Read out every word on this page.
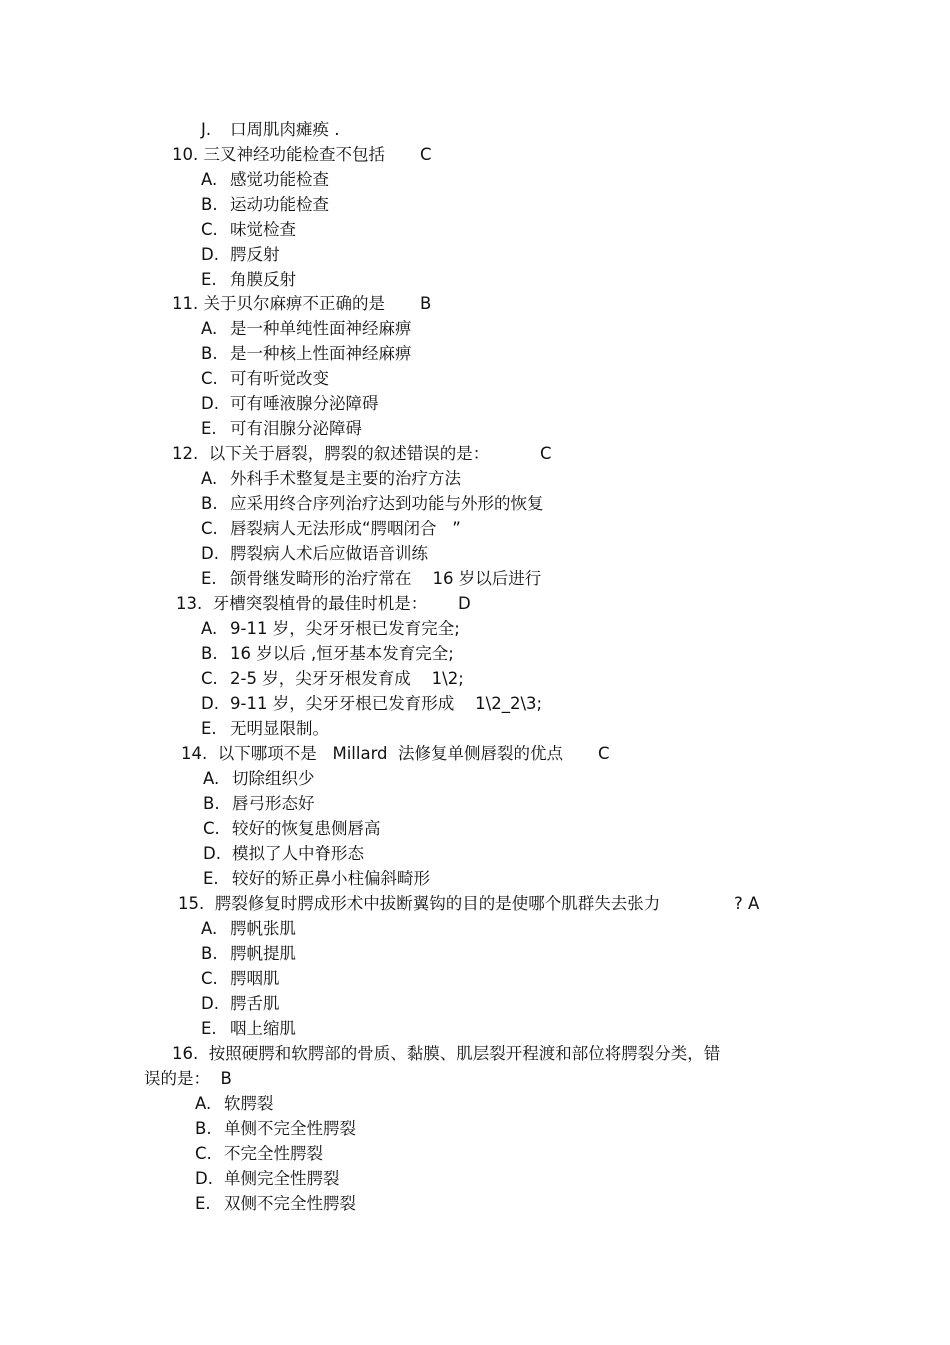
J. 口周肌肉瘫痪 .
10. 三叉神经功能检查不包括 C
A. 感觉功能检查
B. 运动功能检查
C. 味觉检查
D. 腭反射
E. 角膜反射
11. 关于贝尔麻痹不正确的是 B
A. 是一种单纯性面神经麻痹
B. 是一种核上性面神经麻痹
C. 可有听觉改变
D. 可有唾液腺分泌障碍
E. 可有泪腺分泌障碍
12.  以下关于唇裂，腭裂的叙述错误的是：	C
A. 外科手术整复是主要的治疗方法
B. 应采用终合序列治疗达到功能与外形的恢复
C. 唇裂病人无法形成“腭咽闭合   ”
D. 腭裂病人术后应做语音训练
E. 颌骨继发畸形的治疗常在    16 岁以后进行
13.  牙槽突裂植骨的最佳时机是： D
A. 9-11 岁，尖牙牙根已发育完全;
B. 16 岁以后 ,恒牙基本发育完全;
C. 2-5 岁，尖牙牙根发育成    1\2;
D. 9-11 岁，尖牙牙根已发育形成    1\2_2\3;
E. 无明显限制。
14.  以下哪项不是   Millard  法修复单侧唇裂的优点 C
A. 切除组织少
B. 唇弓形态好
C. 较好的恢复患侧唇高
D. 模拟了人中脊形态
E. 较好的矫正鼻小柱偏斜畸形
15.  腭裂修复时腭成形术中拔断翼钩的目的是使哪个肌群失去张力	? A
A. 腭帆张肌
B. 腭帆提肌
C. 腭咽肌
D. 腭舌肌
E. 咽上缩肌
16.  按照硬腭和软腭部的骨质、黏膜、肌层裂开程渡和部位将腭裂分类，错
误的是：  B
A. 软腭裂
B. 单侧不完全性腭裂
C. 不完全性腭裂
D. 单侧完全性腭裂
E. 双侧不完全性腭裂
